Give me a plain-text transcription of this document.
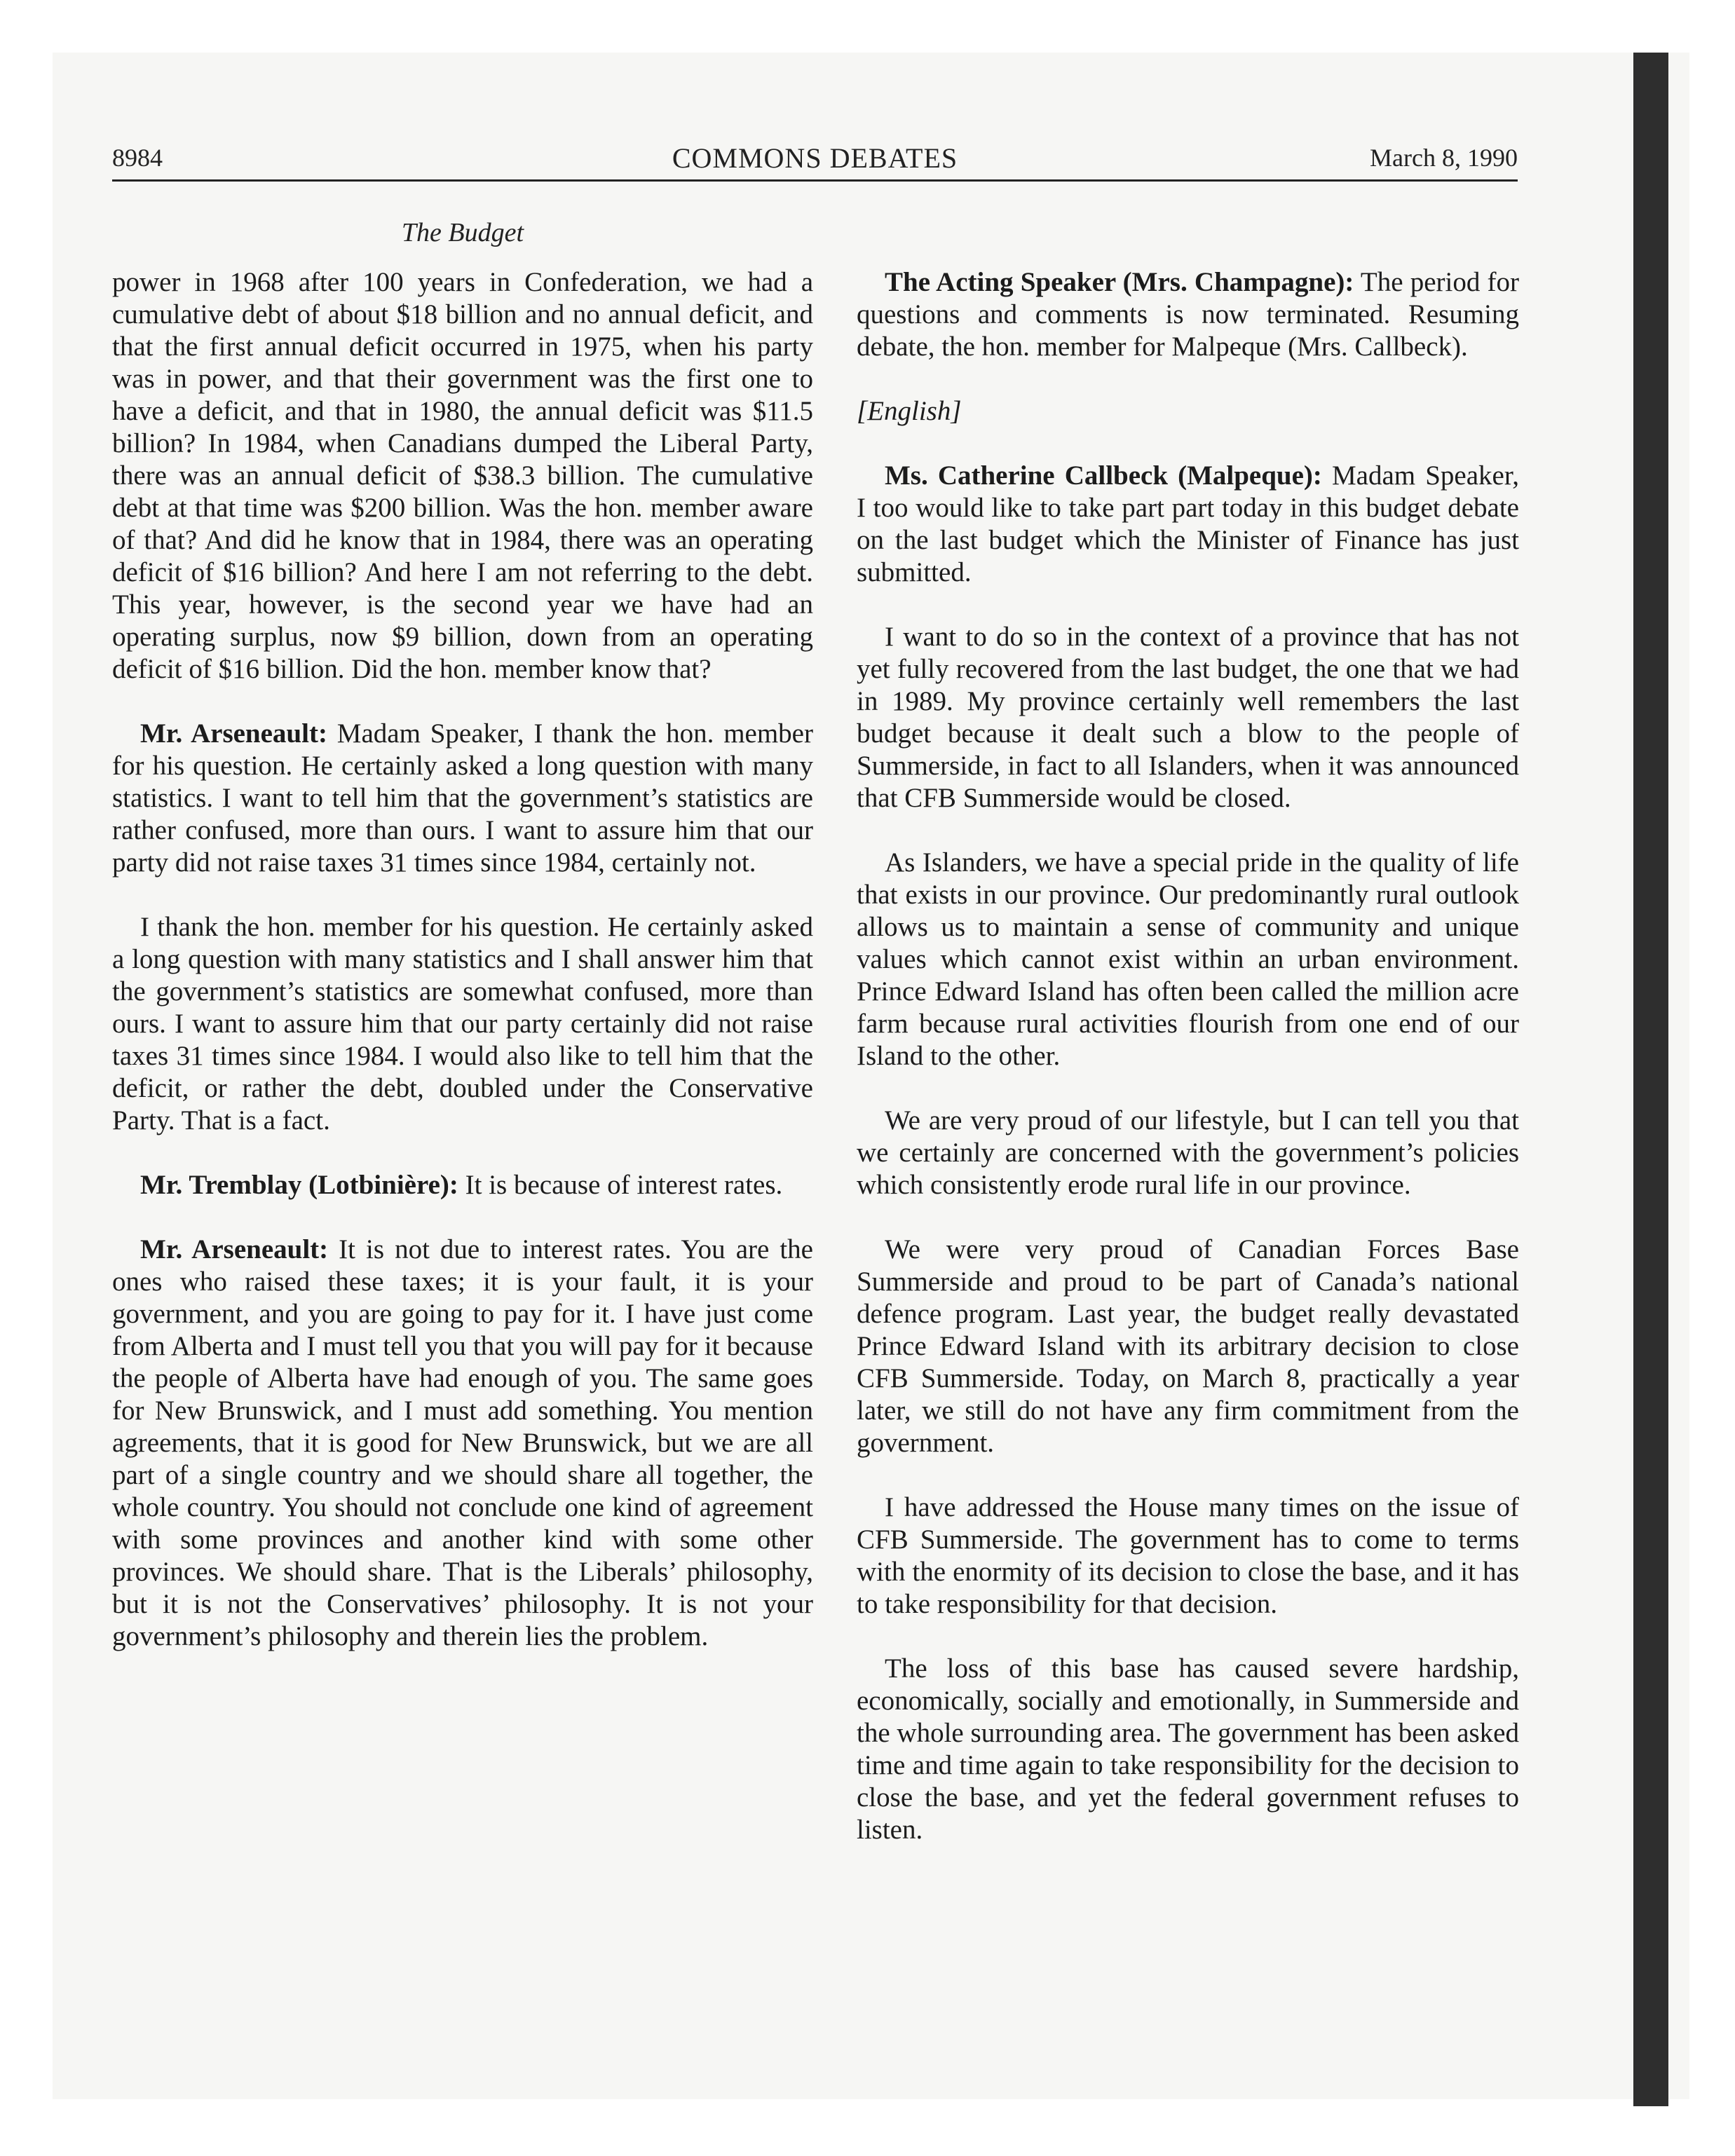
8984	COMMONS DEBATES	March 8, 1990
The Budget

power in 1968 after 100 years in Confederation, we had a cumulative debt of about $18 billion and no annual deficit, and that the first annual deficit occurred in 1975, when his party was in power, and that their government was the first one to have a deficit, and that in 1980, the annual deficit was $11.5 billion? In 1984, when Canadians dumped the Liberal Party, there was an annual deficit of $38.3 billion. The cumulative debt at that time was $200 billion. Was the hon. member aware of that? And did he know that in 1984, there was an operating deficit of $16 billion? And here I am not referring to the debt. This year, however, is the second year we have had an operating surplus, now $9 billion, down from an operating deficit of $16 billion. Did the hon. member know that?

Mr. Arseneault: Madam Speaker, I thank the hon. member for his question. He certainly asked a long question with many statistics. I want to tell him that the government’s statistics are rather confused, more than ours. I want to assure him that our party did not raise taxes 31 times since 1984, certainly not.

I thank the hon. member for his question. He certainly asked a long question with many statistics and I shall answer him that the government’s statistics are somewhat confused, more than ours. I want to assure him that our party certainly did not raise taxes 31 times since 1984. I would also like to tell him that the deficit, or rather the debt, doubled under the Conservative Party. That is a fact.

Mr. Tremblay (Lotbinière): It is because of interest rates.

Mr. Arseneault: It is not due to interest rates. You are the ones who raised these taxes; it is your fault, it is your government, and you are going to pay for it. I have just come from Alberta and I must tell you that you will pay for it because the people of Alberta have had enough of you. The same goes for New Brunswick, and I must add something. You mention agreements, that it is good for New Brunswick, but we are all part of a single country and we should share all together, the whole country. You should not conclude one kind of agreement with some provinces and another kind with some other provinces. We should share. That is the Liberals’ philosophy, but it is not the Conservatives’ philosophy. It is not your government’s philosophy and therein lies the problem.

The Acting Speaker (Mrs. Champagne): The period for questions and comments is now terminated. Resuming debate, the hon. member for Malpeque (Mrs. Callbeck).

[English]

Ms. Catherine Callbeck (Malpeque): Madam Speaker, I too would like to take part part today in this budget debate on the last budget which the Minister of Finance has just submitted.

I want to do so in the context of a province that has not yet fully recovered from the last budget, the one that we had in 1989. My province certainly well remembers the last budget because it dealt such a blow to the people of Summerside, in fact to all Islanders, when it was announced that CFB Summerside would be closed.

As Islanders, we have a special pride in the quality of life that exists in our province. Our predominantly rural outlook allows us to maintain a sense of community and unique values which cannot exist within an urban environment. Prince Edward Island has often been called the million acre farm because rural activities flourish from one end of our Island to the other.

We are very proud of our lifestyle, but I can tell you that we certainly are concerned with the government’s policies which consistently erode rural life in our province.

We were very proud of Canadian Forces Base Summerside and proud to be part of Canada’s national defence program. Last year, the budget really devastated Prince Edward Island with its arbitrary decision to close CFB Summerside. Today, on March 8, practically a year later, we still do not have any firm commitment from the government.

I have addressed the House many times on the issue of CFB Summerside. The government has to come to terms with the enormity of its decision to close the base, and it has to take responsibility for that decision.

The loss of this base has caused severe hardship, economically, socially and emotionally, in Summerside and the whole surrounding area. The government has been asked time and time again to take responsibility for the decision to close the base, and yet the federal government refuses to listen.
